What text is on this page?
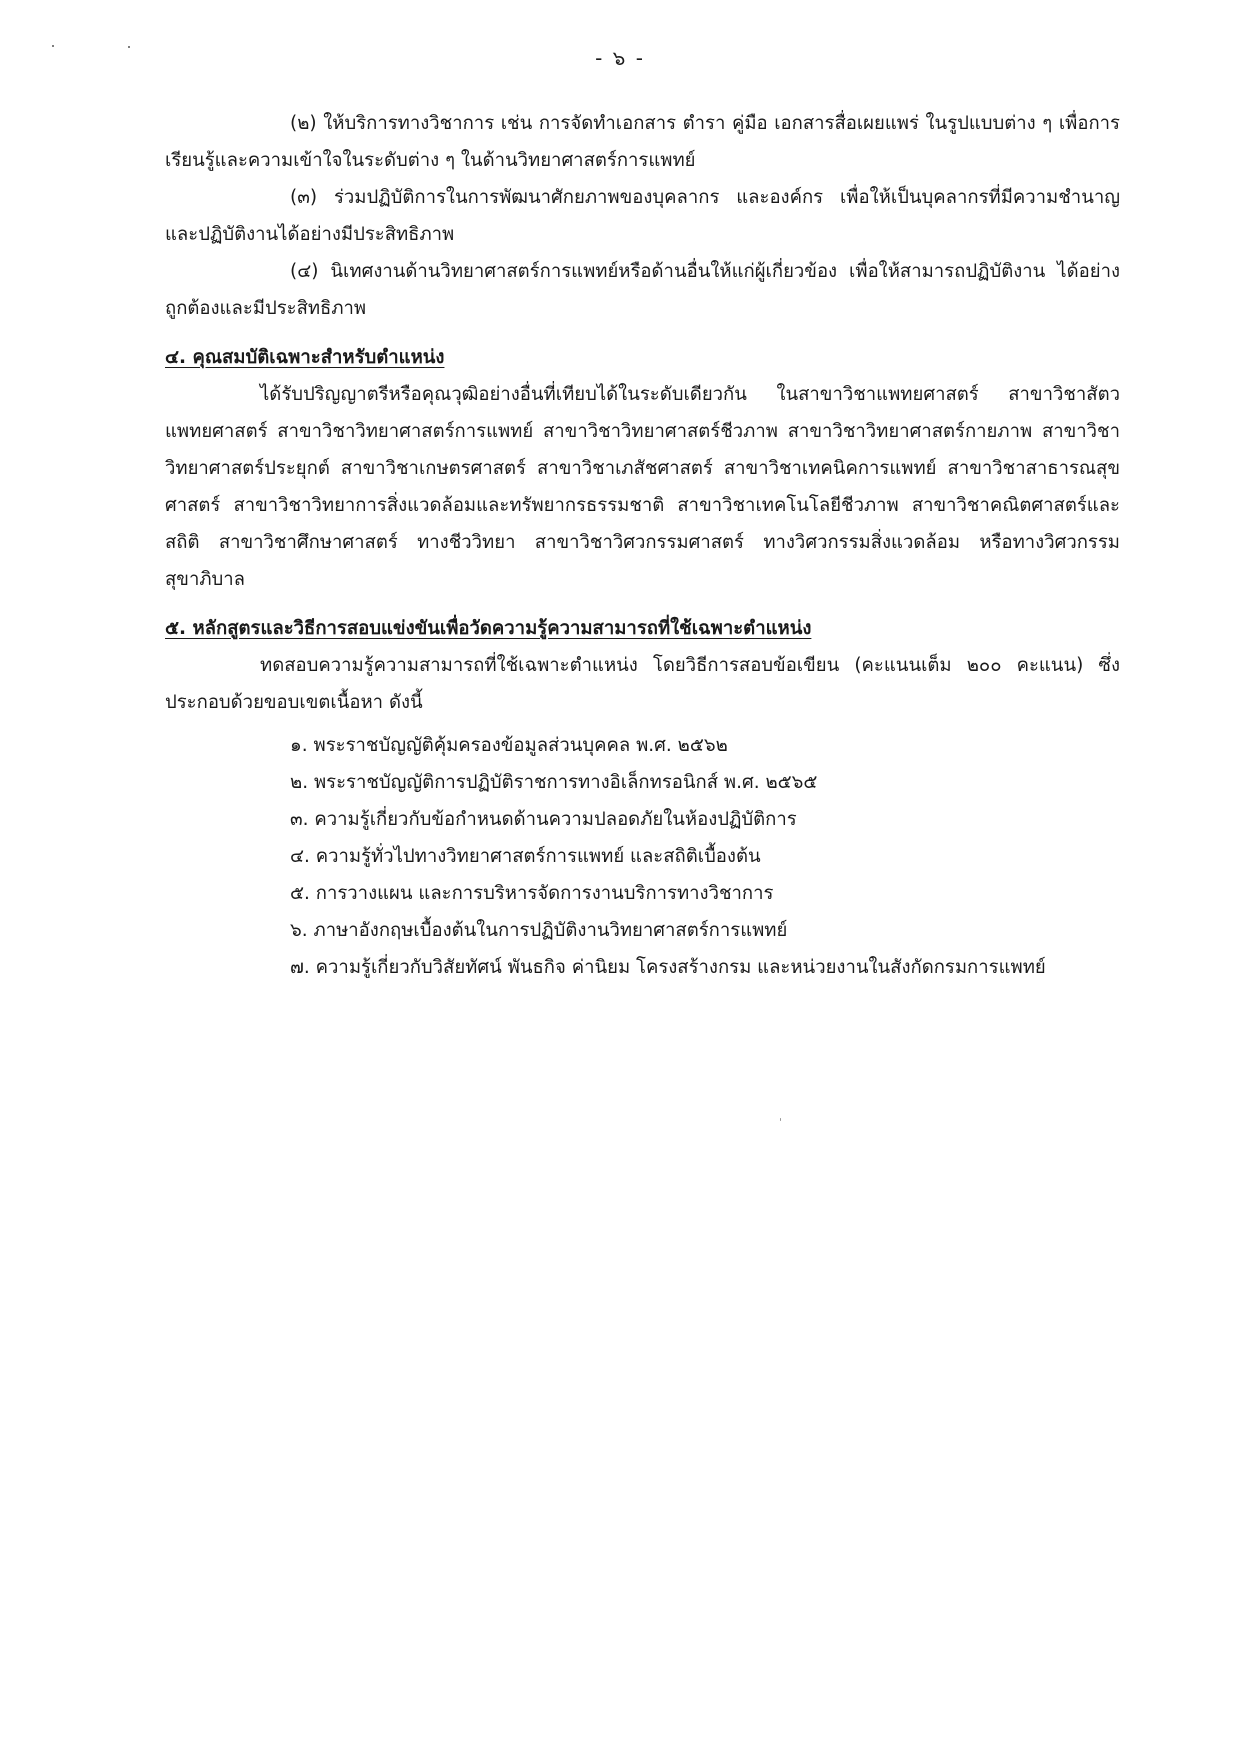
- ๖ -

(๒) ให้บริการทางวิชาการ เช่น การจัดทำเอกสาร ตำรา คู่มือ เอกสารสื่อเผยแพร่ ในรูปแบบต่าง ๆ เพื่อการเรียนรู้และความเข้าใจในระดับต่าง ๆ ในด้านวิทยาศาสตร์การแพทย์

(๓) ร่วมปฏิบัติการในการพัฒนาศักยภาพของบุคลากร และองค์กร เพื่อให้เป็นบุคลากรที่มีความชำนาญ และปฏิบัติงานได้อย่างมีประสิทธิภาพ

(๔) นิเทศงานด้านวิทยาศาสตร์การแพทย์หรือด้านอื่นให้แก่ผู้เกี่ยวข้อง เพื่อให้สามารถปฏิบัติงาน ได้อย่างถูกต้องและมีประสิทธิภาพ

๔. คุณสมบัติเฉพาะสำหรับตำแหน่ง

ได้รับปริญญาตรีหรือคุณวุฒิอย่างอื่นที่เทียบได้ในระดับเดียวกัน ในสาขาวิชาแพทยศาสตร์ สาขาวิชาสัตวแพทยศาสตร์ สาขาวิชาวิทยาศาสตร์การแพทย์ สาขาวิชาวิทยาศาสตร์ชีวภาพ สาขาวิชาวิทยาศาสตร์กายภาพ สาขาวิชาวิทยาศาสตร์ประยุกต์ สาขาวิชาเกษตรศาสตร์ สาขาวิชาเภสัชศาสตร์ สาขาวิชาเทคนิคการแพทย์ สาขาวิชาสาธารณสุขศาสตร์ สาขาวิชาวิทยาการสิ่งแวดล้อมและทรัพยากรธรรมชาติ สาขาวิชาเทคโนโลยีชีวภาพ สาขาวิชาคณิตศาสตร์และสถิติ สาขาวิชาศึกษาศาสตร์ ทางชีววิทยา สาขาวิชาวิศวกรรมศาสตร์ ทางวิศวกรรมสิ่งแวดล้อม หรือทางวิศวกรรมสุขาภิบาล

๕. หลักสูตรและวิธีการสอบแข่งขันเพื่อวัดความรู้ความสามารถที่ใช้เฉพาะตำแหน่ง

ทดสอบความรู้ความสามารถที่ใช้เฉพาะตำแหน่ง โดยวิธีการสอบข้อเขียน (คะแนนเต็ม ๒๐๐ คะแนน) ซึ่งประกอบด้วยขอบเขตเนื้อหา ดังนี้

๑. พระราชบัญญัติคุ้มครองข้อมูลส่วนบุคคล พ.ศ. ๒๕๖๒
๒. พระราชบัญญัติการปฏิบัติราชการทางอิเล็กทรอนิกส์ พ.ศ. ๒๕๖๕
๓. ความรู้เกี่ยวกับข้อกำหนดด้านความปลอดภัยในห้องปฏิบัติการ
๔. ความรู้ทั่วไปทางวิทยาศาสตร์การแพทย์ และสถิติเบื้องต้น
๕. การวางแผน และการบริหารจัดการงานบริการทางวิชาการ
๖. ภาษาอังกฤษเบื้องต้นในการปฏิบัติงานวิทยาศาสตร์การแพทย์
๗. ความรู้เกี่ยวกับวิสัยทัศน์ พันธกิจ ค่านิยม โครงสร้างกรม และหน่วยงานในสังกัดกรมการแพทย์
